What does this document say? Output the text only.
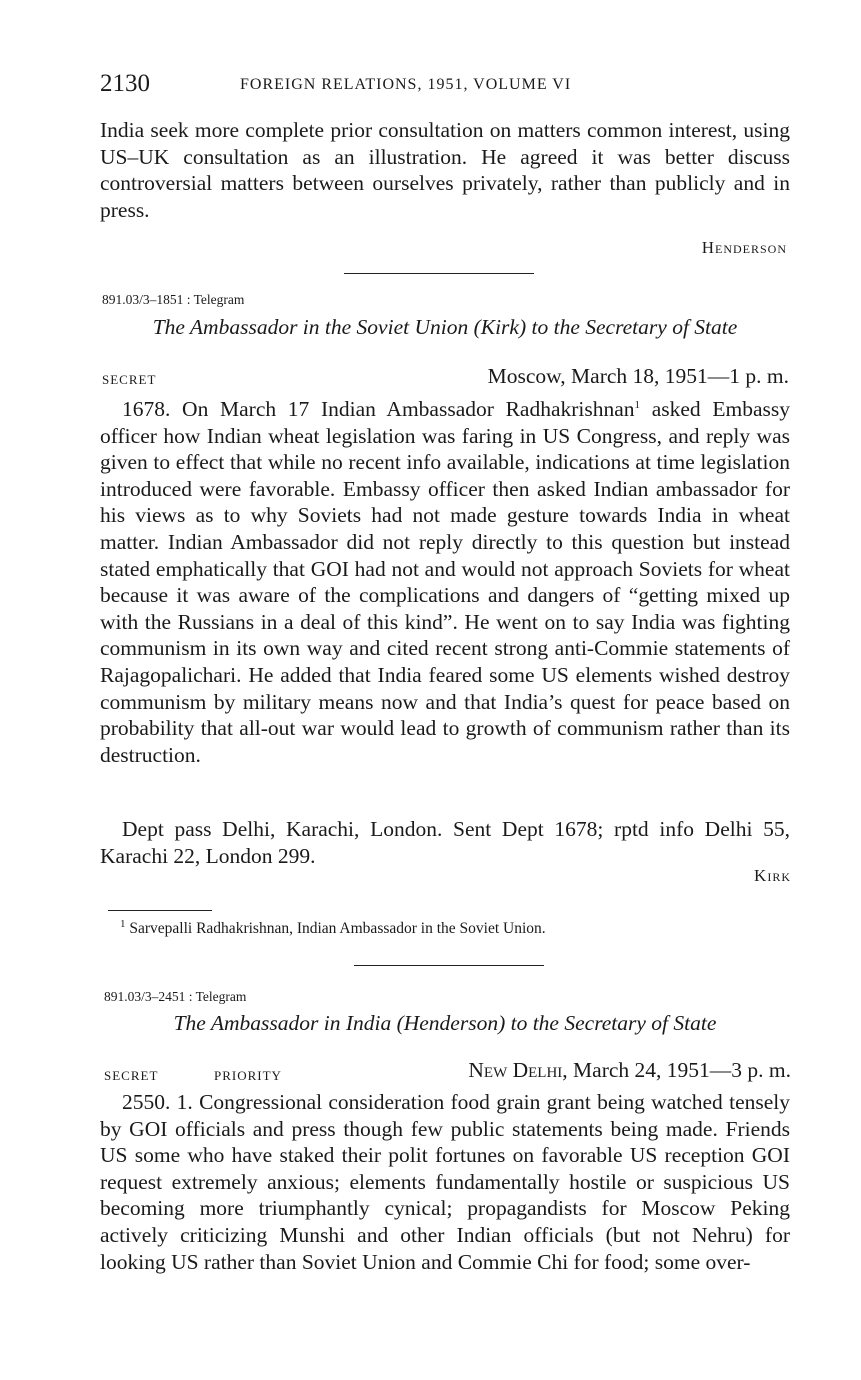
2130	FOREIGN RELATIONS, 1951, VOLUME VI

India seek more complete prior consultation on matters common interest, using US–UK consultation as an illustration. He agreed it was better discuss controversial matters between ourselves privately, rather than publicly and in press.

Henderson
891.03/3–1851 : Telegram
The Ambassador in the Soviet Union (Kirk) to the Secretary of State
SECRET	Moscow, March 18, 1951—1 p. m.

1678. On March 17 Indian Ambassador Radhakrishnan$^1$ asked Embassy officer how Indian wheat legislation was faring in US Congress, and reply was given to effect that while no recent info available, indications at time legislation introduced were favorable. Embassy officer then asked Indian ambassador for his views as to why Soviets had not made gesture towards India in wheat matter. Indian Ambassador did not reply directly to this question but instead stated emphatically that GOI had not and would not approach Soviets for wheat because it was aware of the complications and dangers of “getting mixed up with the Russians in a deal of this kind”. He went on to say India was fighting communism in its own way and cited recent strong anti-Commie statements of Rajagopalichari. He added that India feared some US elements wished destroy communism by military means now and that India’s quest for peace based on probability that all-out war would lead to growth of communism rather than its destruction.

Dept pass Delhi, Karachi, London. Sent Dept 1678; rptd info Delhi 55, Karachi 22, London 299.

Kirk
$^1$ Sarvepalli Radhakrishnan, Indian Ambassador in the Soviet Union.
891.03/3–2451 : Telegram
The Ambassador in India (Henderson) to the Secretary of State
SECRET	PRIORITY	New Delhi, March 24, 1951—3 p. m.

2550. 1. Congressional consideration food grain grant being watched tensely by GOI officials and press though few public statements being made. Friends US some who have staked their polit fortunes on favorable US reception GOI request extremely anxious; elements fundamentally hostile or suspicious US becoming more triumphantly cynical; propagandists for Moscow Peking actively criticizing Munshi and other Indian officials (but not Nehru) for looking US rather than Soviet Union and Commie Chi for food; some over-
